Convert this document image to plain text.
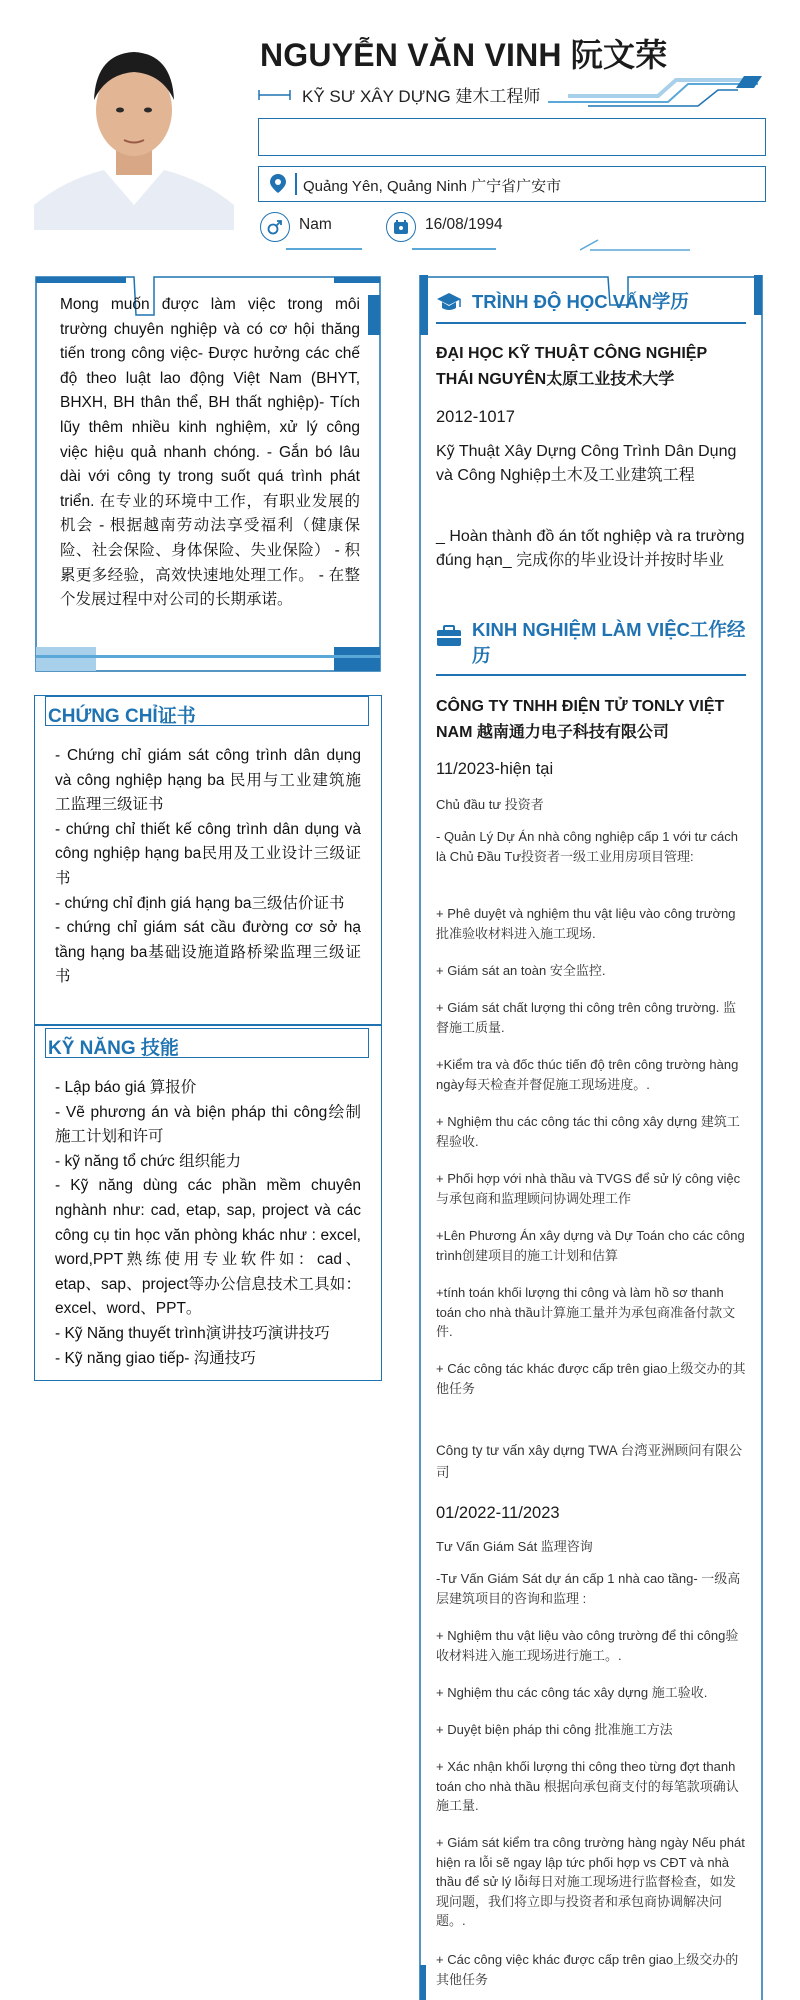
NGUYỄN VĂN VINH 阮文荣
KỸ SƯ XÂY DỰNG 建木工程师
Quảng Yên, Quảng Ninh 广宁省广安市
Nam	16/08/1994
Mong muốn được làm việc trong môi trường chuyên nghiệp và có cơ hội thăng tiến trong công việc- Được hưởng các chế độ theo luật lao động Việt Nam (BHYT, BHXH, BH thân thể, BH thất nghiệp)- Tích lũy thêm nhiều kinh nghiệm, xử lý công việc hiệu quả nhanh chóng. - Gắn bó lâu dài với công ty trong suốt quá trình phát triển. 在专业的环境中工作，有职业发展的机会 - 根据越南劳动法享受福利（健康保险、社会保险、身体保险、失业保险） - 积累更多经验，高效快速地处理工作。 - 在整个发展过程中对公司的长期承诺。
CHỨNG CHỈ证书
- Chứng chỉ giám sát công trình dân dụng và công nghiệp hạng ba 民用与工业建筑施工监理三级证书
- chứng chỉ thiết kế công trình dân dụng và công nghiệp hạng ba民用及工业设计三级证书
- chứng chỉ định giá hạng ba三级估价证书
- chứng chỉ giám sát cầu đường cơ sở hạ tầng hạng ba基础设施道路桥梁监理三级证书
KỸ NĂNG 技能
- Lập báo giá 算报价
- Vẽ phương án và biện pháp thi công绘制施工计划和许可
- kỹ năng tổ chức 组织能力
- Kỹ năng dùng các phần mềm chuyên nghành như: cad, etap, sap, project và các công cụ tin học văn phòng khác như : excel, word,PPT熟练使用专业软件如：cad、etap、sap、project等办公信息技术工具如：excel、word、PPT。
- Kỹ Năng thuyết trình演讲技巧演讲技巧
- Kỹ năng giao tiếp- 沟通技巧
TRÌNH ĐỘ HỌC VẤN学历
ĐẠI HỌC KỸ THUẬT CÔNG NGHIỆP THÁI NGUYÊN太原工业技术大学
2012-1017
Kỹ Thuật Xây Dựng Công Trình Dân Dụng và Công Nghiệp土木及工业建筑工程
_ Hoàn thành đồ án tốt nghiệp và ra trường đúng hạn_ 完成你的毕业设计并按时毕业
KINH NGHIỆM LÀM VIỆC工作经历
CÔNG TY TNHH ĐIỆN TỬ TONLY VIỆT NAM 越南通力电子科技有限公司
11/2023-hiện tại
Chủ đầu tư 投资者
- Quản Lý Dự Án nhà công nghiệp cấp 1 với tư cách là Chủ Đầu Tư投资者一级工业用房项目管理:
+ Phê duyệt và nghiệm thu vật liệu vào công trường 批准验收材料进入施工现场.
+ Giám sát an toàn 安全监控.
+ Giám sát chất lượng thi công trên công trường. 监督施工质量.
+Kiểm tra và đốc thúc tiến độ trên công trường hàng ngày每天检查并督促施工现场进度。.
+ Nghiệm thu các công tác thi công xây dựng 建筑工程验收.
+ Phối hợp với nhà thầu và TVGS để sử lý công việc与承包商和监理顾问协调处理工作
+Lên Phương Án xây dựng và Dự Toán cho các công trình创建项目的施工计划和估算
+tính toán khối lượng thi công và làm hồ sơ thanh toán cho nhà thầu计算施工量并为承包商准备付款文件.
+ Các công tác khác được cấp trên giao上级交办的其他任务
Công ty tư vấn xây dựng TWA 台湾亚洲顾问有限公司
01/2022-11/2023
Tư Vấn Giám Sát 监理咨询
-Tư Vấn Giám Sát dự án cấp 1 nhà cao tầng- 一级高层建筑项目的咨询和监理 :
+ Nghiệm thu vật liệu vào công trường để thi công验收材料进入施工现场进行施工。.
+ Nghiệm thu các công tác xây dựng 施工验收.
+ Duyệt biện pháp thi công 批准施工方法
+ Xác nhận khối lượng thi công theo từng đợt thanh toán cho nhà thầu 根据向承包商支付的每笔款项确认施工量.
+ Giám sát kiểm tra công trường hàng ngày Nếu phát hiện ra lỗi sẽ ngay lập tức phối hợp vs CĐT và nhà thầu để sử lý lỗi每日对施工现场进行监督检查，如发现问题，我们将立即与投资者和承包商协调解决问题。.
+ Các công việc khác được cấp trên giao上级交办的其他任务
